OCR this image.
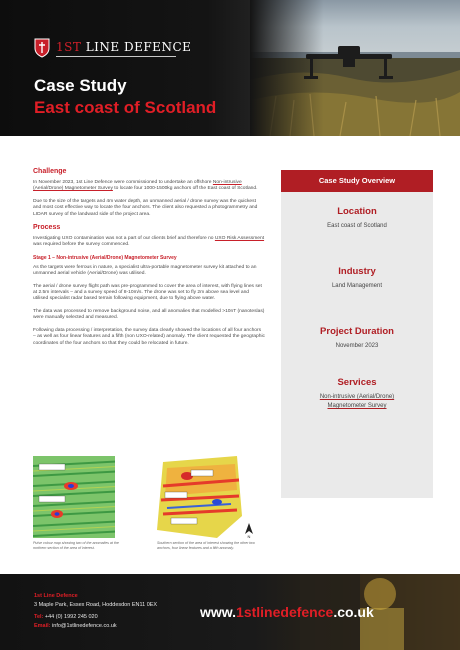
1ST LINE DEFENCE
Case Study
East coast of Scotland
Challenge

In November 2023, 1st Line Defence were commissioned to undertake an offshore Non-intrusive (Aerial/Drone) Magnetometer Survey to locate four 1000-1500kg anchors off the East coast of Scotland.

Due to the size of the targets and 4m water depth, an unmanned aerial / drone survey was the quickest and most cost effective way to locate the four anchors. The client also requested a photogrammetry and LIDAR survey of the landward side of the project area.

Process

Investigating UXO contamination was not a part of our clients brief and therefore no UXO Risk Assessment was required before the survey commenced.

Stage 1 – Non-intrusive (Aerial/Drone) Magnetometer Survey

As the targets were ferrous in nature, a specialist ultra-portable magnetometer survey kit attached to an unmanned aerial vehicle (Aerial/Drone) was utilised.

The aerial / drone survey flight path was pre-programmed to cover the area of interest, with flying lines set at 2.5m intervals – and a survey speed of 8-10m/s. The drone was set to fly 2m above sea level and utilised specialist radar based terrain following equipment, due to flying above water.

The data was processed to remove background noise, and all anomalies that modelled >10nT (nanoteslas) were manually selected and measured.

Following data processing / interpretation, the survey data clearly showed the locations of all four anchors – as well as four linear features and a fifth (non UXO-related) anomaly. The client requested the geographic coordinates of the four anchors so that they could be relocated in future.

Case Study Overview
Location
East coast of Scotland
Industry
Land Management
Project Duration
November 2023
Services
Non-intrusive (Aerial/Drone)
Magnetometer Survey
N
Pulse colour map showing two of the anomalies at the northern section of the area of interest.
Southern section of the area of interest showing the other two anchors, four linear features and a fifth anomaly.
1st Line Defence
3 Maple Park, Essex Road, Hoddesdon EN11 0EX
Tel: +44 (0) 1992 245 020
Email: info@1stlinedefence.co.uk
www.1stlinedefence.co.uk
